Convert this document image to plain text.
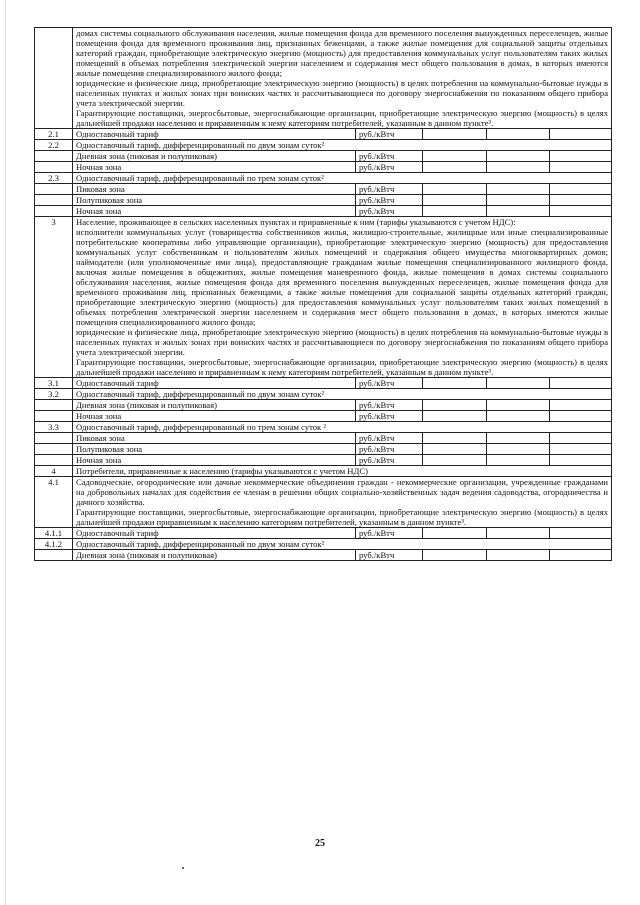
	домах системы социального обслуживания населения, жилые помещения фонда для временного поселения вынужденных переселенцев, жилые помещения фонда для временного проживания лиц, признанных беженцами, а также жилые помещения для социальной защиты отдельных категорий граждан, приобретающие электрическую энергию (мощность) для предоставления коммунальных услуг пользователям таких жилых помещений в объемах потребления электрической энергии населением и содержания мест общего пользования в домах, в которых имеются жилые помещения специализированного жилого фонда;

юридические и физические лица, приобретающие электрическую энергию (мощность) в целях потребления на коммунально-бытовые нужды в населенных пунктах и жилых зонах при воинских частях и рассчитывающиеся по договору энергоснабжения по показаниям общего прибора учета электрической энергии.

Гарантирующие поставщики, энергосбытовые, энергоснабжающие организации, приобретающие электрическую энергию (мощность) в целях дальнейшей продажи населению и приравненным к нему категориям потребителей, указанным в данном пункте³.				

2.1	Одноставочный тариф	руб./кВтч			
2.2	Одноставочный тариф, дифференцированный по двум зонам суток²				
	Дневная зона (пиковая и полупиковая)	руб./кВтч			
	Ночная зона	руб./кВтч			
2.3	Одноставочный тариф, дифференцированный по трем зонам суток²				
	Пиковая зона	руб./кВтч			
	Полупиковая зона	руб./кВтч			
	Ночная зона	руб./кВтч			
3	Население, проживающее в сельских населенных пунктах и приравненные к ним (тарифы указываются с учетом НДС):

исполнители коммунальных услуг (товарищества собственников жилья, жилищно-строительные, жилищные или иные специализированные потребительские кооперативы либо управляющие организации), приобретающие электрическую энергию (мощность) для предоставления коммунальных услуг собственникам и пользователям жилых помещений и содержания общего имущества многоквартирных домов; наймодатели (или уполномоченные ими лица), предоставляющие гражданам жилые помещения специализированного жилищного фонда, включая жилые помещения в общежитиях, жилые помещения маневренного фонда, жилые помещения в домах системы социального обслуживания населения, жилые помещения фонда для временного поселения вынужденных переселенцев, жилые помещения фонда для временного проживания лиц, признанных беженцами, а также жилые помещения для социальной защиты отдельных категорий граждан, приобретающие электрическую энергию (мощность) для предоставления коммунальных услуг пользователям таких жилых помещений в объемах потребления электрической энергии населением и содержания мест общего пользования в домах, в которых имеются жилые помещения специализированного жилого фонда;

юридические и физические лица, приобретающие электрическую энергию (мощность) в целях потребления на коммунально-бытовые нужды в населенных пунктах и жилых зонах при воинских частях и рассчитывающиеся по договору энергоснабжения по показаниям общего прибора учета электрической энергии.

Гарантирующие поставщики, энергосбытовые, энергоснабжающие организации, приобретающие электрическую энергию (мощность) в целях дальнейшей продажи населению и приравненным к нему категориям потребителей, указанным в данном пункте³.				

3.1	Одноставочный тариф	руб./кВтч			
3.2	Одноставочный тариф, дифференцированный по двум зонам суток²				
	Дневная зона (пиковая и полупиковая)	руб./кВтч			
	Ночная зона	руб./кВтч			
3.3	Одноставочный тариф, дифференцированный по трем зонам суток ²				
	Пиковая зона	руб./кВтч			
	Полупиковая зона	руб./кВтч			
	Ночная зона	руб./кВтч			
4	Потребители, приравненные к населению (тарифы указываются с учетом НДС)				
4.1	Садоводческие, огороднические или дачные некоммерческие объединения граждан - некоммерческие организации, учрежденные гражданами на добровольных началах для содействия ее членам в решении общих социально-хозяйственных задач ведения садоводства, огородничества и дачного хозяйства.

Гарантирующие поставщики, энергосбытовые, энергоснабжающие организации, приобретающие электрическую энергию (мощность) в целях дальнейшей продажи приравненным к населению категориям потребителей, указанным в данном пункте³.				

4.1.1	Одноставочный тариф	руб./кВтч			
4.1.2	Одноставочный тариф, дифференцированный по двум зонам суток²				
	Дневная зона (пиковая и полупиковая)	руб./кВтч			
25
